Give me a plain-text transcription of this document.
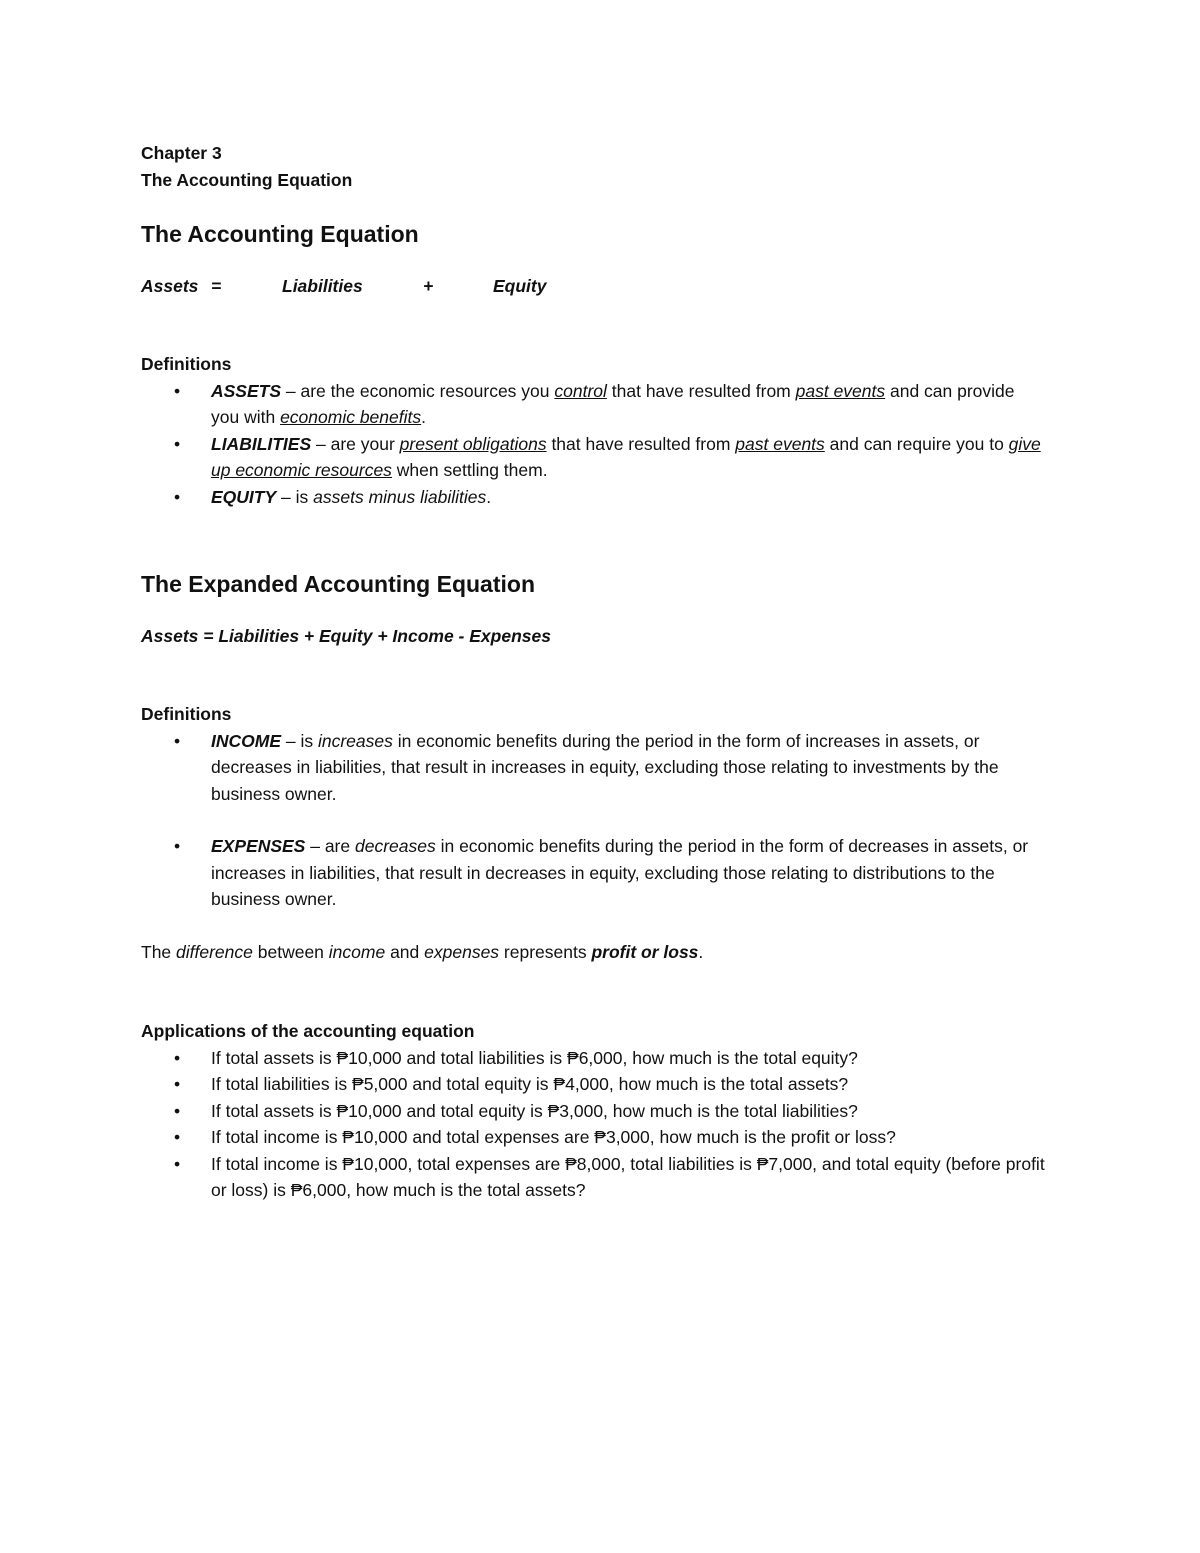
Chapter 3
The Accounting Equation
The Accounting Equation
Assets =	Liabilities	+	Equity
Definitions
• ASSETS – are the economic resources you control that have resulted from past events and can provide you with economic benefits.
• LIABILITIES – are your present obligations that have resulted from past events and can require you to give up economic resources when settling them.
• EQUITY – is assets minus liabilities.
The Expanded Accounting Equation
Assets = Liabilities + Equity + Income - Expenses
Definitions
• INCOME – is increases in economic benefits during the period in the form of increases in assets, or decreases in liabilities, that result in increases in equity, excluding those relating to investments by the business owner.
• EXPENSES – are decreases in economic benefits during the period in the form of decreases in assets, or increases in liabilities, that result in decreases in equity, excluding those relating to distributions to the business owner.
The difference between income and expenses represents profit or loss.
Applications of the accounting equation
• If total assets is ₱10,000 and total liabilities is ₱6,000, how much is the total equity?
• If total liabilities is ₱5,000 and total equity is ₱4,000, how much is the total assets?
• If total assets is ₱10,000 and total equity is ₱3,000, how much is the total liabilities?
• If total income is ₱10,000 and total expenses are ₱3,000, how much is the profit or loss?
• If total income is ₱10,000, total expenses are ₱8,000, total liabilities is ₱7,000, and total equity (before profit or loss) is ₱6,000, how much is the total assets?
